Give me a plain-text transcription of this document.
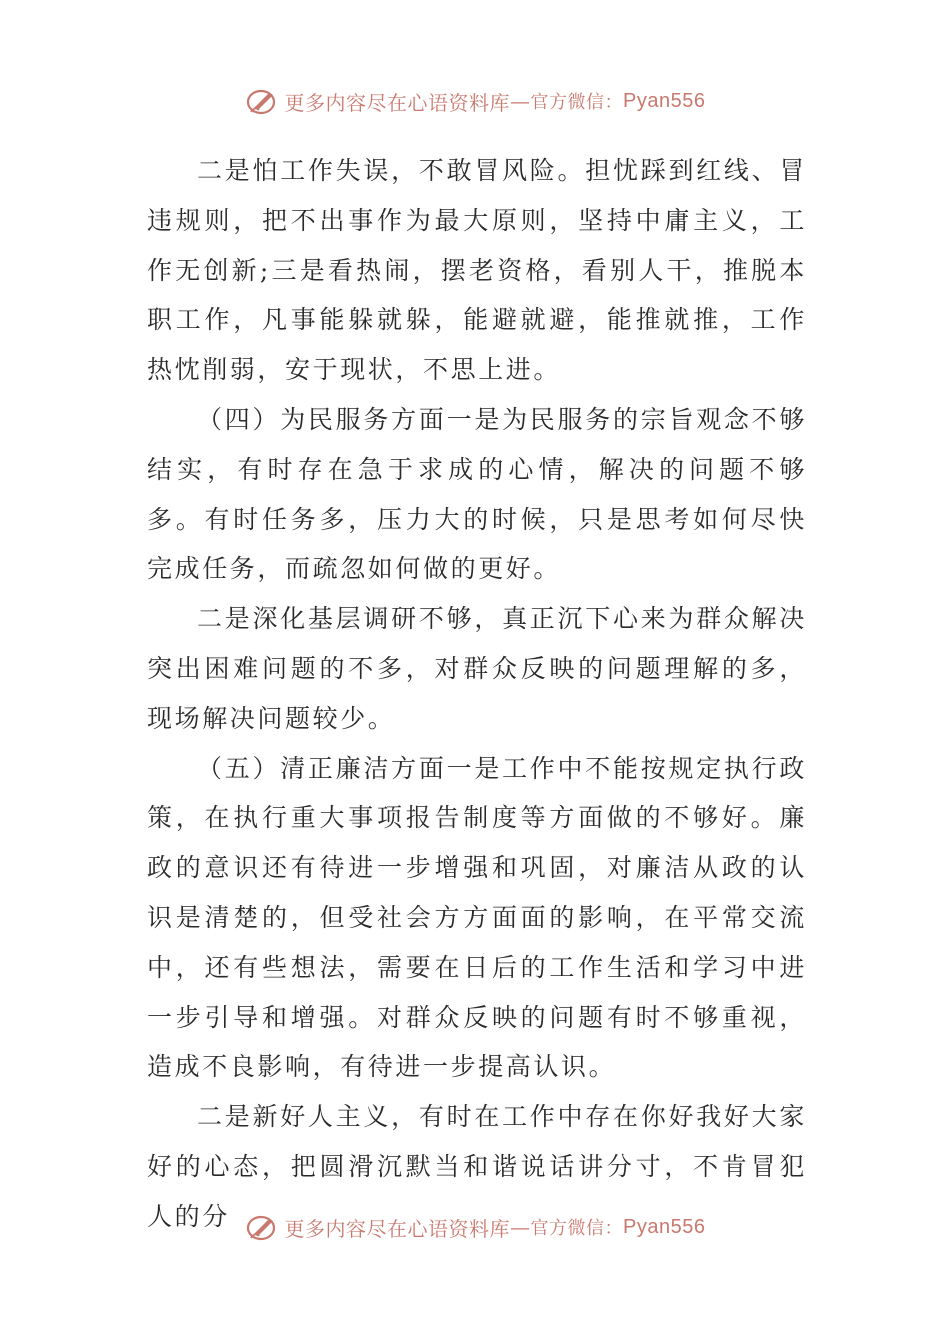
更多内容尽在心语资料库 — 官方微信： Pyan556

二是怕工作失误，不敢冒风险。担忧踩到红线、冒违规则，把不出事作为最大原则，坚持中庸主义，工作无创新;三是看热闹，摆老资格，看别人干，推脱本职工作，凡事能躲就躲，能避就避，能推就推，工作热忱削弱，安于现状，不思上进。

（四）为民服务方面一是为民服务的宗旨观念不够结实，有时存在急于求成的心情，解决的问题不够多。有时任务多，压力大的时候，只是思考如何尽快完成任务，而疏忽如何做的更好。

二是深化基层调研不够，真正沉下心来为群众解决突出困难问题的不多，对群众反映的问题理解的多，现场解决问题较少。

（五）清正廉洁方面一是工作中不能按规定执行政策，在执行重大事项报告制度等方面做的不够好。廉政的意识还有待进一步增强和巩固，对廉洁从政的认识是清楚的，但受社会方方面面的影响，在平常交流中，还有些想法，需要在日后的工作生活和学习中进一步引导和增强。对群众反映的问题有时不够重视，造成不良影响，有待进一步提高认识。

二是新好人主义，有时在工作中存在你好我好大家好的心态，把圆滑沉默当和谐说话讲分寸，不肯冒犯人的分	更多内容尽在心语资料库 — 官方微信： Pyan556
